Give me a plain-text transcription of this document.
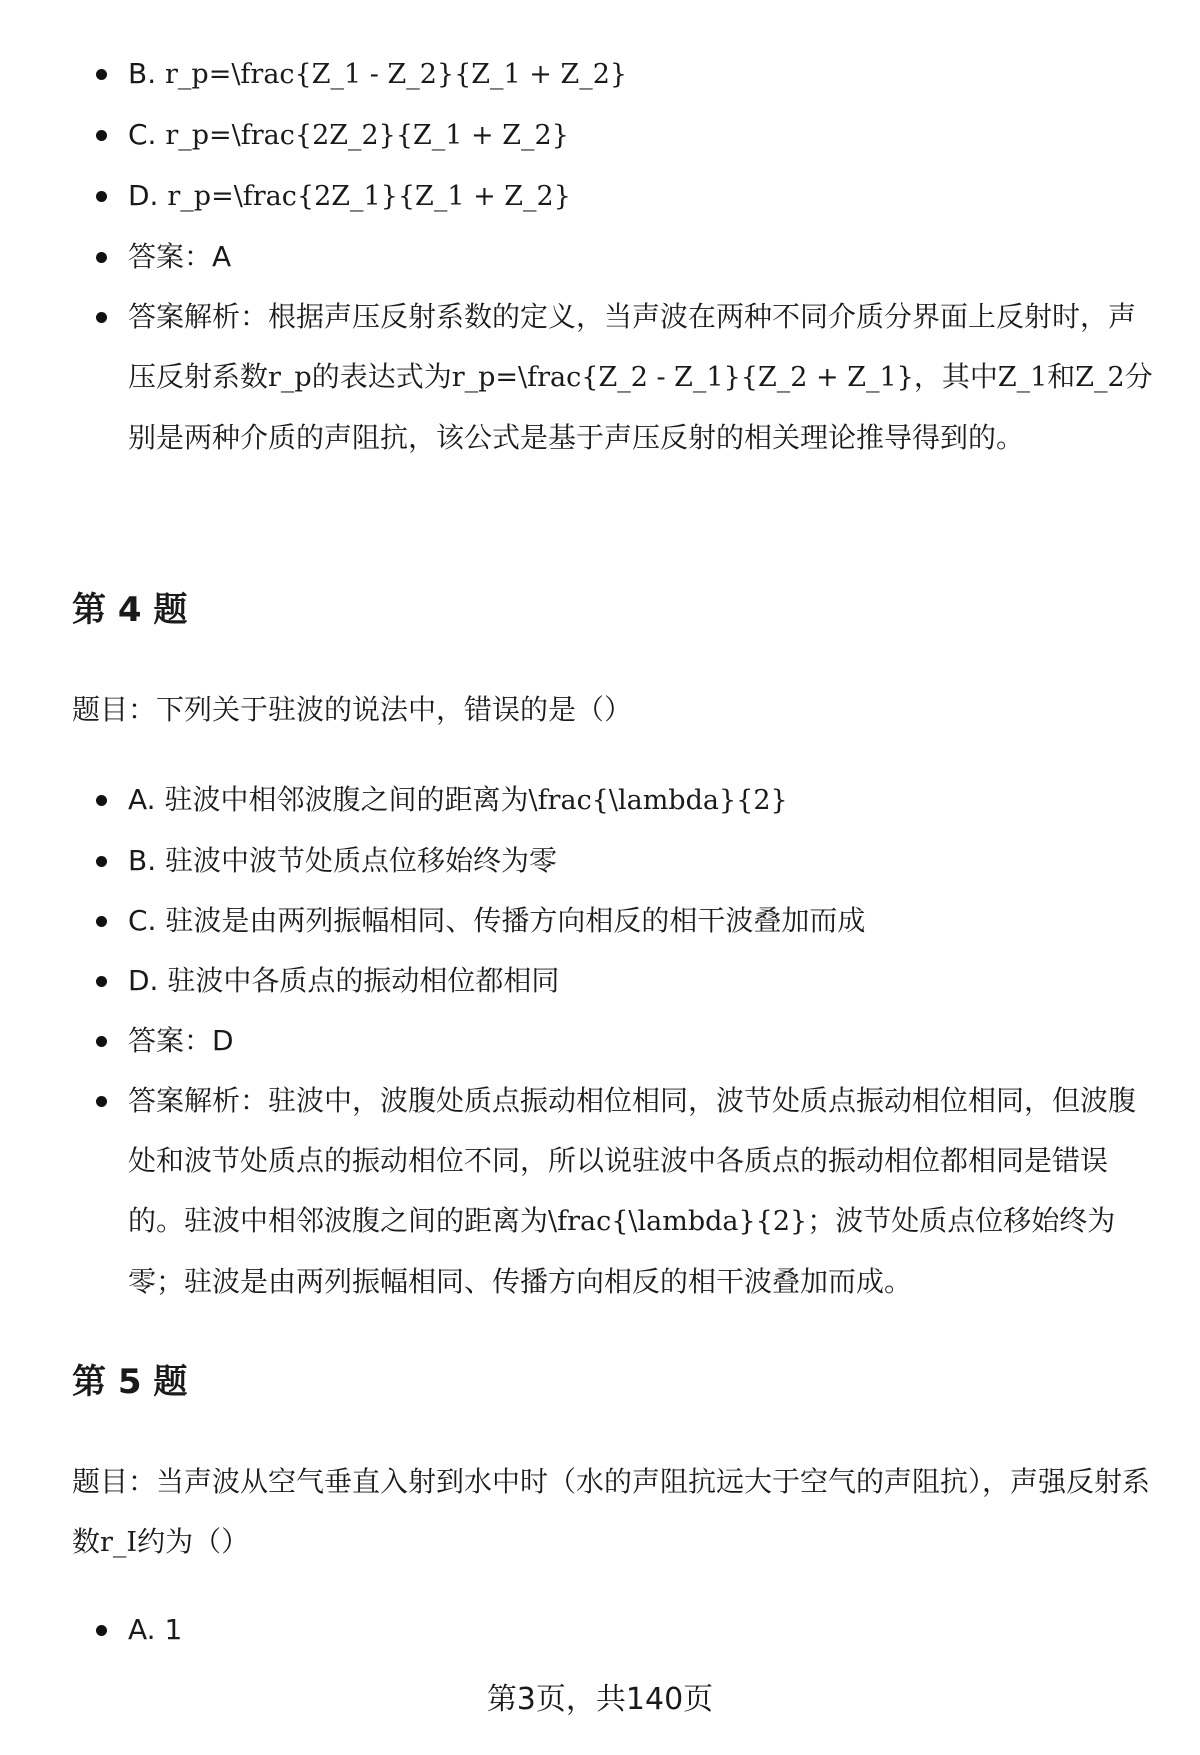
B. r_p=\frac{Z_1 - Z_2}{Z_1 + Z_2}
C. r_p=\frac{2Z_2}{Z_1 + Z_2}
D. r_p=\frac{2Z_1}{Z_1 + Z_2}
答案：A
答案解析：根据声压反射系数的定义，当声波在两种不同介质分界面上反射时，声压反射系数r_p的表达式为r_p=\frac{Z_2 - Z_1}{Z_2 + Z_1}，其中Z_1和Z_2分别是两种介质的声阻抗，该公式是基于声压反射的相关理论推导得到的。
第 4 题

题目：下列关于驻波的说法中，错误的是（）

A. 驻波中相邻波腹之间的距离为\frac{\lambda}{2}
B. 驻波中波节处质点位移始终为零
C. 驻波是由两列振幅相同、传播方向相反的相干波叠加而成
D. 驻波中各质点的振动相位都相同
答案：D
答案解析：驻波中，波腹处质点振动相位相同，波节处质点振动相位相同，但波腹处和波节处质点的振动相位不同，所以说驻波中各质点的振动相位都相同是错误的。驻波中相邻波腹之间的距离为\frac{\lambda}{2}；波节处质点位移始终为零；驻波是由两列振幅相同、传播方向相反的相干波叠加而成。
第 5 题

题目：当声波从空气垂直入射到水中时（水的声阻抗远大于空气的声阻抗），声强反射系数r_I约为（）

A. 1
第3页，共140页
